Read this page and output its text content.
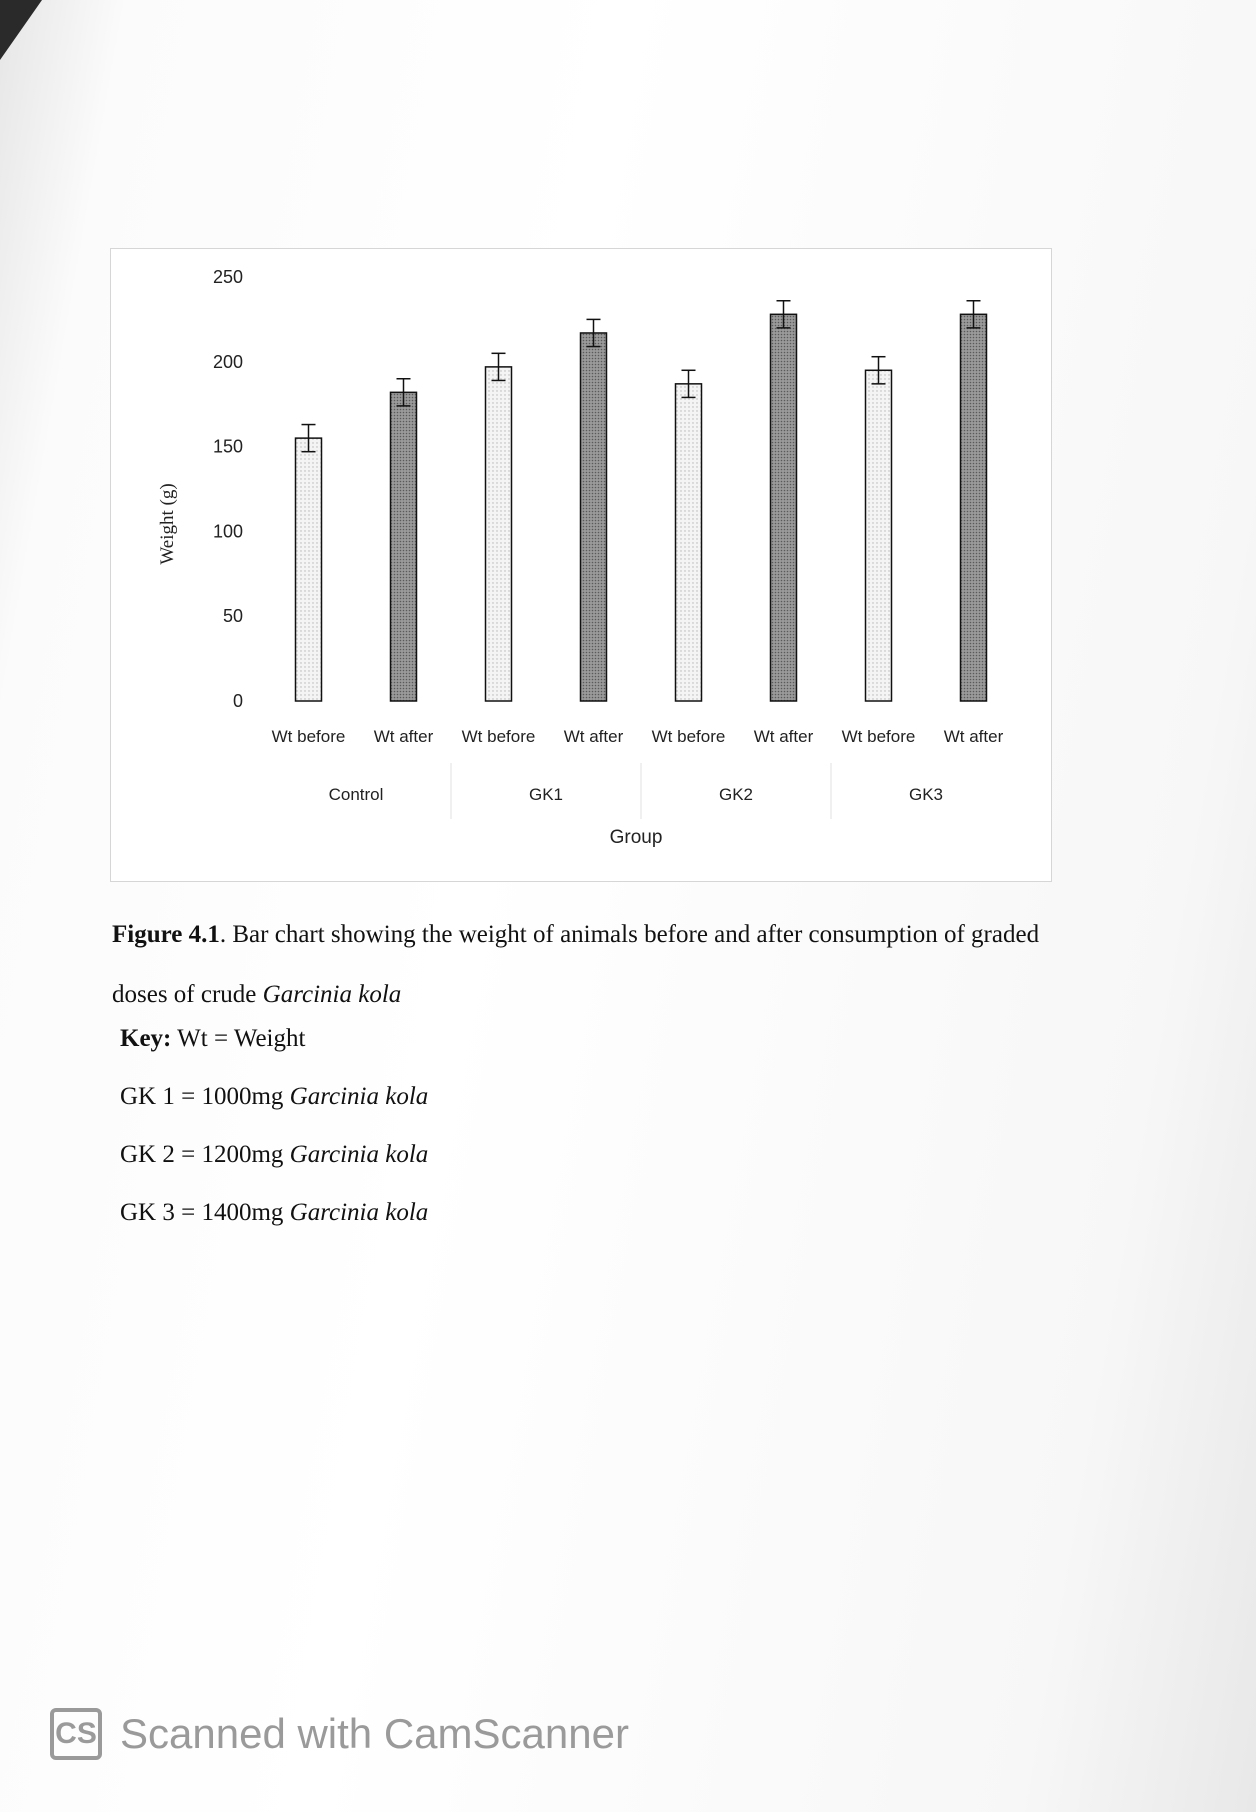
Weight (g)
0
50
100
150
200
250
Wt before Wt after Wt before Wt after Wt before Wt after Wt before Wt after
Control	GK1	GK2	GK3
Group

Figure 4.1. Bar chart showing the weight of animals before and after consumption of graded

doses of crude Garcinia kola

Key: Wt = Weight

GK 1 = 1000mg Garcinia kola

GK 2 = 1200mg Garcinia kola

GK 3 = 1400mg Garcinia kola

CS Scanned with CamScanner
